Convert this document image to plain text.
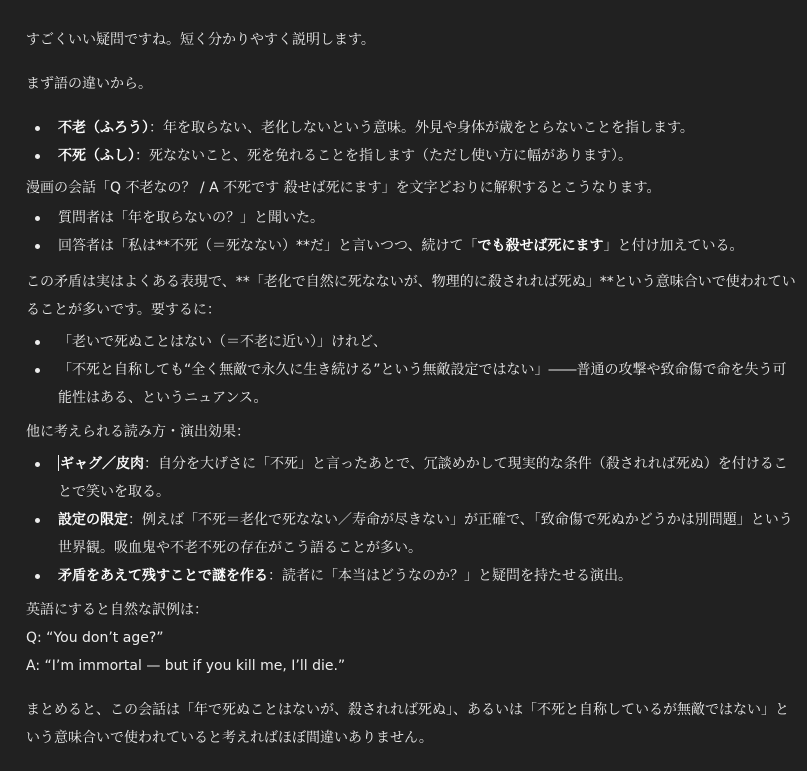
すごくいい疑問ですね。短く分かりやすく説明します。

まず語の違いから。

不老（ふろう）：年を取らない、老化しないという意味。外見や身体が歳をとらないことを指します。
不死（ふし）：死なないこと、死を免れることを指します（ただし使い方に幅があります）。

漫画の会話「Q 不老なの？ / A 不死です 殺せば死にます」を文字どおりに解釈するとこうなります。

質問者は「年を取らないの？」と聞いた。
回答者は「私は**不死（＝死なない）**だ」と言いつつ、続けて「でも殺せば死にます」と付け加えている。

この矛盾は実はよくある表現で、**「老化で自然に死なないが、物理的に殺されれば死ぬ」**という意味合いで使われていることが多いです。要するに：

「老いで死ぬことはない（＝不老に近い）」けれど、
「不死と自称しても“全く無敵で永久に生き続ける”という無敵設定ではない」――普通の攻撃や致命傷で命を失う可能性はある、というニュアンス。

他に考えられる読み方・演出効果：

ギャグ／皮肉：自分を大げさに「不死」と言ったあとで、冗談めかして現実的な条件（殺されれば死ぬ）を付けることで笑いを取る。
設定の限定：例えば「不死＝老化で死なない／寿命が尽きない」が正確で、「致命傷で死ぬかどうかは別問題」という世界観。吸血鬼や不老不死の存在がこう語ることが多い。
矛盾をあえて残すことで謎を作る：読者に「本当はどうなのか？」と疑問を持たせる演出。

英語にすると自然な訳例は：

Q: “You don’t age?”

A: “I’m immortal — but if you kill me, I’ll die.”

まとめると、この会話は「年で死ぬことはないが、殺されれば死ぬ」、あるいは「不死と自称しているが無敵ではない」という意味合いで使われていると考えればほぼ間違いありません。
